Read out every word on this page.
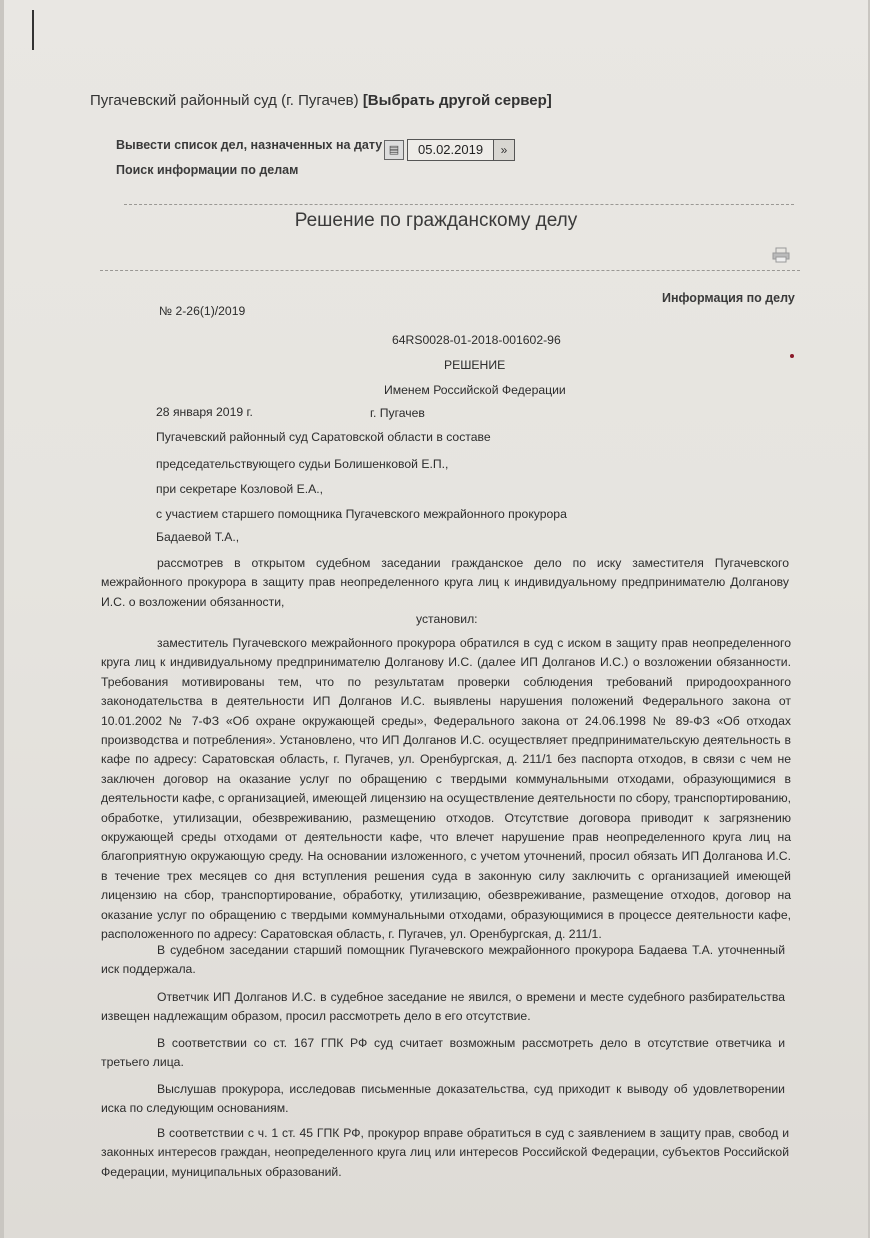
Пугачевский районный суд (г. Пугачев) [Выбрать другой сервер]
Вывести список дел, назначенных на дату ▤	05.02.2019	»
Поиск информации по делам
Решение по гражданскому делу
Информация по делу
№ 2-26(1)/2019
64RS0028-01-2018-001602-96
РЕШЕНИЕ
Именем Российской Федерации
28 января 2019 г.	г. Пугачев
Пугачевский районный суд Саратовской области в составе
председательствующего судьи Болишенковой Е.П.,
при секретаре Козловой Е.А.,
с участием старшего помощника Пугачевского межрайонного прокурора
Бадаевой Т.А.,

рассмотрев в открытом судебном заседании гражданское дело по иску заместителя Пугачевского межрайонного прокурора в защиту прав неопределенного круга лиц к индивидуальному предпринимателю Долганову И.С. о возложении обязанности,

установил:

заместитель Пугачевского межрайонного прокурора обратился в суд с иском в защиту прав неопределенного круга лиц к индивидуальному предпринимателю Долганову И.С. (далее ИП Долганов И.С.) о возложении обязанности. Требования мотивированы тем, что по результатам проверки соблюдения требований природоохранного законодательства в деятельности ИП Долганов И.С. выявлены нарушения положений Федерального закона от 10.01.2002 № 7-ФЗ «Об охране окружающей среды», Федерального закона от 24.06.1998 № 89-ФЗ «Об отходах производства и потребления». Установлено, что ИП Долганов И.С. осуществляет предпринимательскую деятельность в кафе по адресу: Саратовская область, г. Пугачев, ул. Оренбургская, д. 211/1 без паспорта отходов, в связи с чем не заключен договор на оказание услуг по обращению с твердыми коммунальными отходами, образующимися в деятельности кафе, с организацией, имеющей лицензию на осуществление деятельности по сбору, транспортированию, обработке, утилизации, обезвреживанию, размещению отходов. Отсутствие договора приводит к загрязнению окружающей среды отходами от деятельности кафе, что влечет нарушение прав неопределенного круга лиц на благоприятную окружающую среду. На основании изложенного, с учетом уточнений, просил обязать ИП Долганова И.С. в течение трех месяцев со дня вступления решения суда в законную силу заключить с организацией имеющей лицензию на сбор, транспортирование, обработку, утилизацию, обезвреживание, размещение отходов, договор на оказание услуг по обращению с твердыми коммунальными отходами, образующимися в процессе деятельности кафе, расположенного по адресу: Саратовская область, г. Пугачев, ул. Оренбургская, д. 211/1.

В судебном заседании старший помощник Пугачевского межрайонного прокурора Бадаева Т.А. уточненный иск поддержала.

Ответчик ИП Долганов И.С. в судебное заседание не явился, о времени и месте судебного разбирательства извещен надлежащим образом, просил рассмотреть дело в его отсутствие.

В соответствии со ст. 167 ГПК РФ суд считает возможным рассмотреть дело в отсутствие ответчика и третьего лица.

Выслушав прокурора, исследовав письменные доказательства, суд приходит к выводу об удовлетворении иска по следующим основаниям.

В соответствии с ч. 1 ст. 45 ГПК РФ, прокурор вправе обратиться в суд с заявлением в защиту прав, свобод и законных интересов граждан, неопределенного круга лиц или интересов Российской Федерации, субъектов Российской Федерации, муниципальных образований.
